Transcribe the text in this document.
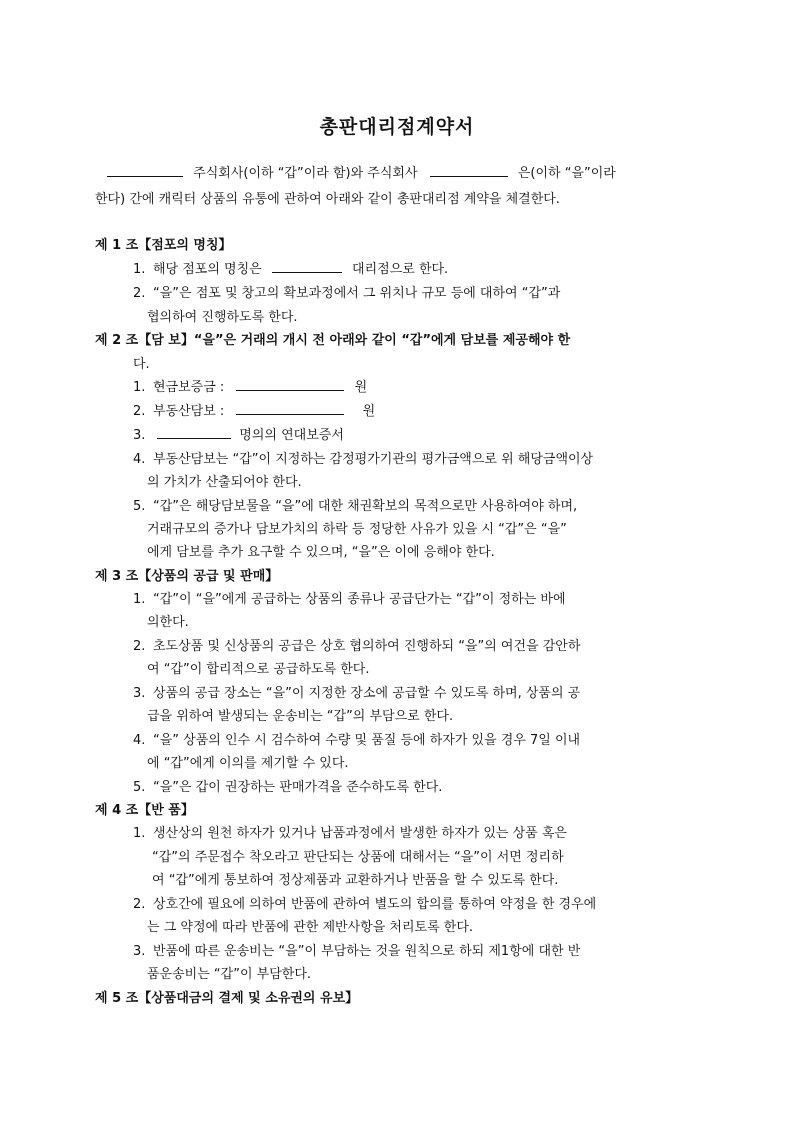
총판대리점계약서
주식회사(이하 “갑”이라 함)와 주식회사	은(이하 “을”이라
한다) 간에 캐릭터 상품의 유통에 관하여 아래와 같이 총판대리점 계약을 체결한다.
제 1 조【점포의 명칭】
1. 해당 점포의 명칭은	대리점으로 한다.
2. “을”은 점포 및 창고의 확보과정에서 그 위치나 규모 등에 대하여 “갑”과
협의하여 진행하도록 한다.
제 2 조【담 보】“을”은 거래의 개시 전 아래와 같이 “갑”에게 담보를 제공해야 한
다.
1. 현금보증금 :	원
2. 부동산담보 :	원
3.	명의의 연대보증서
4. 부동산담보는 “갑”이 지정하는 감정평가기관의 평가금액으로 위 해당금액이상
의 가치가 산출되어야 한다.
5. “갑”은 해당담보물을 “을”에 대한 채권확보의 목적으로만 사용하여야 하며,
거래규모의 증가나 담보가치의 하락 등 정당한 사유가 있을 시 “갑”은 “을”
에게 담보를 추가 요구할 수 있으며, “을”은 이에 응해야 한다.
제 3 조【상품의 공급 및 판매】
1. “갑”이 “을”에게 공급하는 상품의 종류나 공급단가는 “갑”이 정하는 바에
의한다.
2. 초도상품 및 신상품의 공급은 상호 협의하여 진행하되 “을”의 여건을 감안하
여 “갑”이 합리적으로 공급하도록 한다.
3. 상품의 공급 장소는 “을”이 지정한 장소에 공급할 수 있도록 하며, 상품의 공
급을 위하여 발생되는 운송비는 “갑”의 부담으로 한다.
4. “을” 상품의 인수 시 검수하여 수량 및 품질 등에 하자가 있을 경우 7일 이내
에 “갑”에게 이의를 제기할 수 있다.
5. “을”은 갑이 권장하는 판매가격을 준수하도록 한다.
제 4 조【반 품】
1. 생산상의 원천 하자가 있거나 납품과정에서 발생한 하자가 있는 상품 혹은
“갑”의 주문접수 착오라고 판단되는 상품에 대해서는 “을”이 서면 정리하
여 “갑”에게 통보하여 정상제품과 교환하거나 반품을 할 수 있도록 한다.
2. 상호간에 필요에 의하여 반품에 관하여 별도의 합의를 통하여 약정을 한 경우에
는 그 약정에 따라 반품에 관한 제반사항을 처리토록 한다.
3. 반품에 따른 운송비는 “을”이 부담하는 것을 원칙으로 하되 제1항에 대한 반
품운송비는 “갑”이 부담한다.
제 5 조【상품대금의 결제 및 소유권의 유보】
